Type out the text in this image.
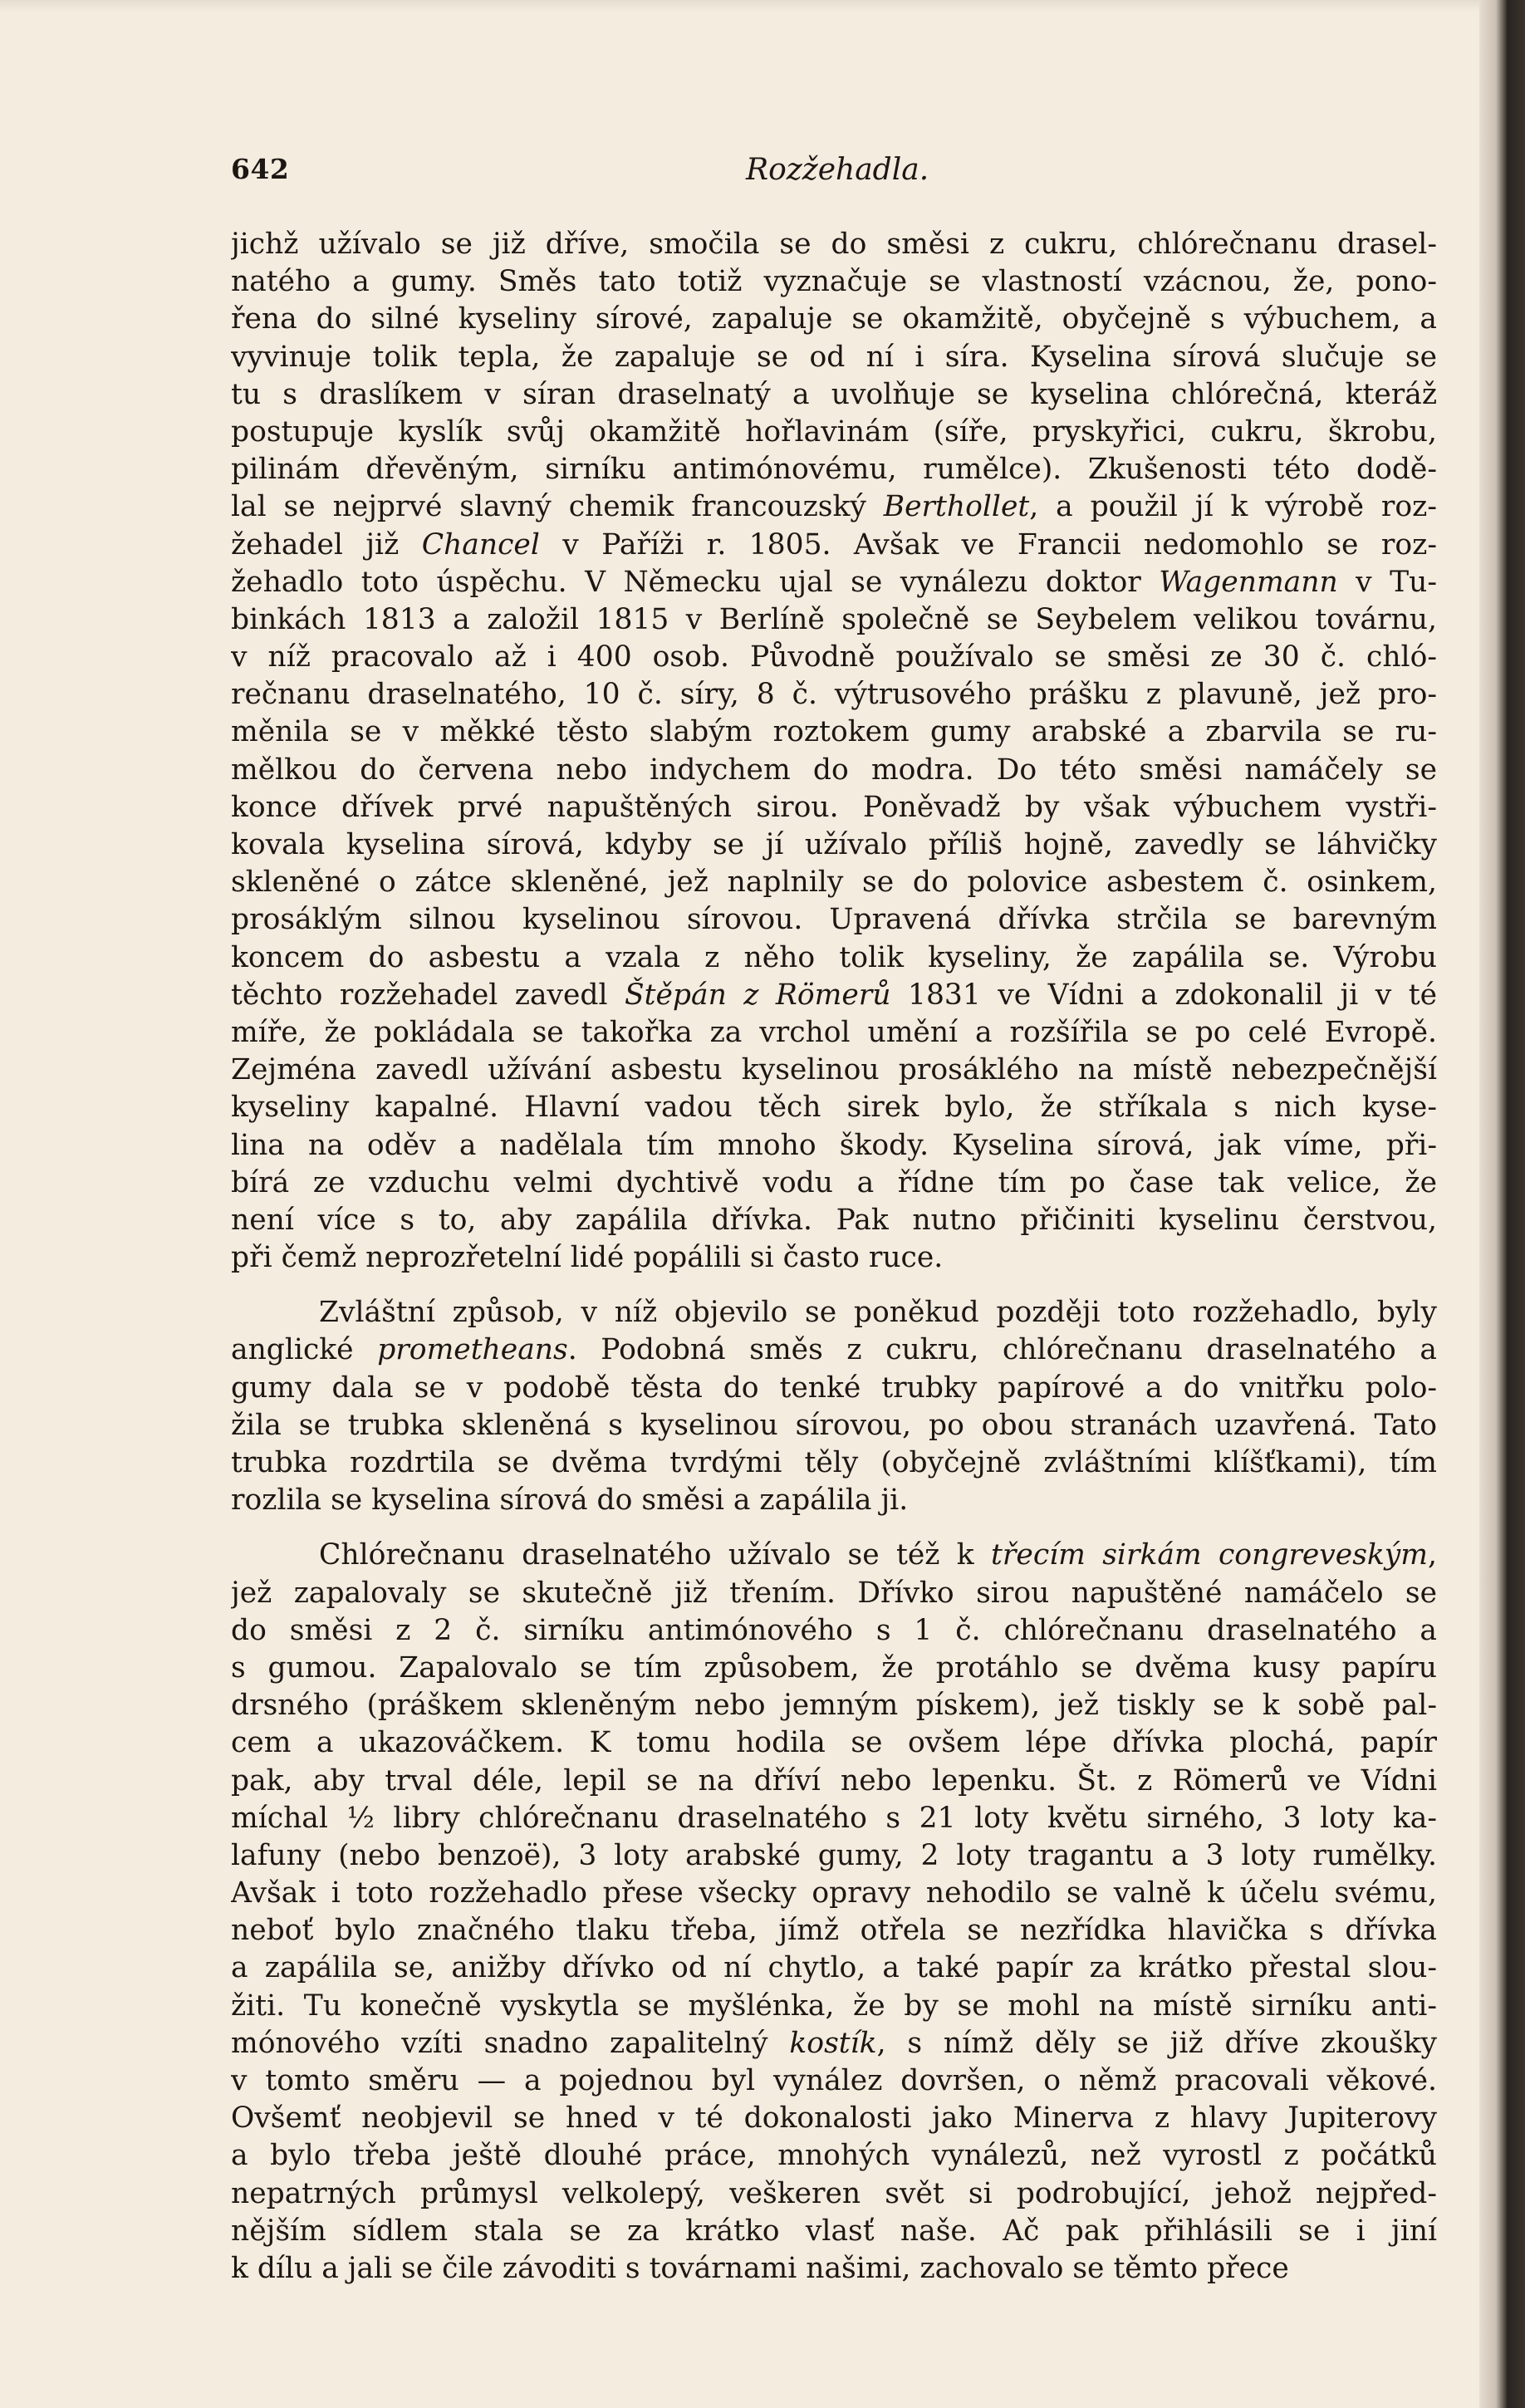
642	Rozžehadla.
jichž užívalo se již dříve, smočila se do směsi z cukru, chlórečnanu drasel-
natého a gumy. Směs tato totiž vyznačuje se vlastností vzácnou, že, pono-
řena do silné kyseliny sírové, zapaluje se okamžitě, obyčejně s výbuchem, a
vyvinuje tolik tepla, že zapaluje se od ní i síra. Kyselina sírová slučuje se
tu s draslíkem v síran draselnatý a uvolňuje se kyselina chlórečná, kteráž
postupuje kyslík svůj okamžitě hořlavinám (síře, pryskyřici, cukru, škrobu,
pilinám dřevěným, sirníku antimónovému, rumělce). Zkušenosti této dodě-
lal se nejprvé slavný chemik francouzský Berthollet, a použil jí k výrobě roz-
žehadel již Chancel v Paříži r. 1805. Avšak ve Francii nedomohlo se roz-
žehadlo toto úspěchu. V Německu ujal se vynálezu doktor Wagenmann v Tu-
binkách 1813 a založil 1815 v Berlíně společně se Seybelem velikou továrnu,
v níž pracovalo až i 400 osob. Původně používalo se směsi ze 30 č. chló-
rečnanu draselnatého, 10 č. síry, 8 č. výtrusového prášku z plavuně, jež pro-
měnila se v měkké těsto slabým roztokem gumy arabské a zbarvila se ru-
mělkou do červena nebo indychem do modra. Do této směsi namáčely se
konce dřívek prvé napuštěných sirou. Poněvadž by však výbuchem vystři-
kovala kyselina sírová, kdyby se jí užívalo příliš hojně, zavedly se láhvičky
skleněné o zátce skleněné, jež naplnily se do polovice asbestem č. osinkem,
prosáklým silnou kyselinou sírovou. Upravená dřívka strčila se barevným
koncem do asbestu a vzala z něho tolik kyseliny, že zapálila se. Výrobu
těchto rozžehadel zavedl Štěpán z Römerů 1831 ve Vídni a zdokonalil ji v té
míře, že pokládala se takořka za vrchol umění a rozšířila se po celé Evropě.
Zejména zavedl užívání asbestu kyselinou prosáklého na místě nebezpečnější
kyseliny kapalné. Hlavní vadou těch sirek bylo, že stříkala s nich kyse-
lina na oděv a nadělala tím mnoho škody. Kyselina sírová, jak víme, při-
bírá ze vzduchu velmi dychtivě vodu a řídne tím po čase tak velice, že
není více s to, aby zapálila dřívka. Pak nutno přičiniti kyselinu čerstvou,
při čemž neprozřetelní lidé popálili si často ruce.
Zvláštní způsob, v níž objevilo se poněkud později toto rozžehadlo, byly
anglické prometheans. Podobná směs z cukru, chlórečnanu draselnatého a
gumy dala se v podobě těsta do tenké trubky papírové a do vnitřku polo-
žila se trubka skleněná s kyselinou sírovou, po obou stranách uzavřená. Tato
trubka rozdrtila se dvěma tvrdými těly (obyčejně zvláštními klíšťkami), tím
rozlila se kyselina sírová do směsi a zapálila ji.
Chlórečnanu draselnatého užívalo se též k třecím sirkám congreveským,
jež zapalovaly se skutečně již třením. Dřívko sirou napuštěné namáčelo se
do směsi z 2 č. sirníku antimónového s 1 č. chlórečnanu draselnatého a
s gumou. Zapalovalo se tím způsobem, že protáhlo se dvěma kusy papíru
drsného (práškem skleněným nebo jemným pískem), jež tiskly se k sobě pal-
cem a ukazováčkem. K tomu hodila se ovšem lépe dřívka plochá, papír
pak, aby trval déle, lepil se na dříví nebo lepenku. Št. z Römerů ve Vídni
míchal ½ libry chlórečnanu draselnatého s 21 loty květu sirného, 3 loty ka-
lafuny (nebo benzoë), 3 loty arabské gumy, 2 loty tragantu a 3 loty rumělky.
Avšak i toto rozžehadlo přese všecky opravy nehodilo se valně k účelu svému,
neboť bylo značného tlaku třeba, jímž otřela se nezřídka hlavička s dřívka
a zapálila se, anižby dřívko od ní chytlo, a také papír za krátko přestal slou-
žiti. Tu konečně vyskytla se myšlénka, že by se mohl na místě sirníku anti-
mónového vzíti snadno zapalitelný kostík, s nímž děly se již dříve zkoušky
v tomto směru — a pojednou byl vynález dovršen, o němž pracovali věkové.
Ovšemť neobjevil se hned v té dokonalosti jako Minerva z hlavy Jupiterovy
a bylo třeba ještě dlouhé práce, mnohých vynálezů, než vyrostl z počátků
nepatrných průmysl velkolepý, veškeren svět si podrobující, jehož nejpřed-
nějším sídlem stala se za krátko vlasť naše. Ač pak přihlásili se i jiní
k dílu a jali se čile závoditi s továrnami našimi, zachovalo se těmto přece
